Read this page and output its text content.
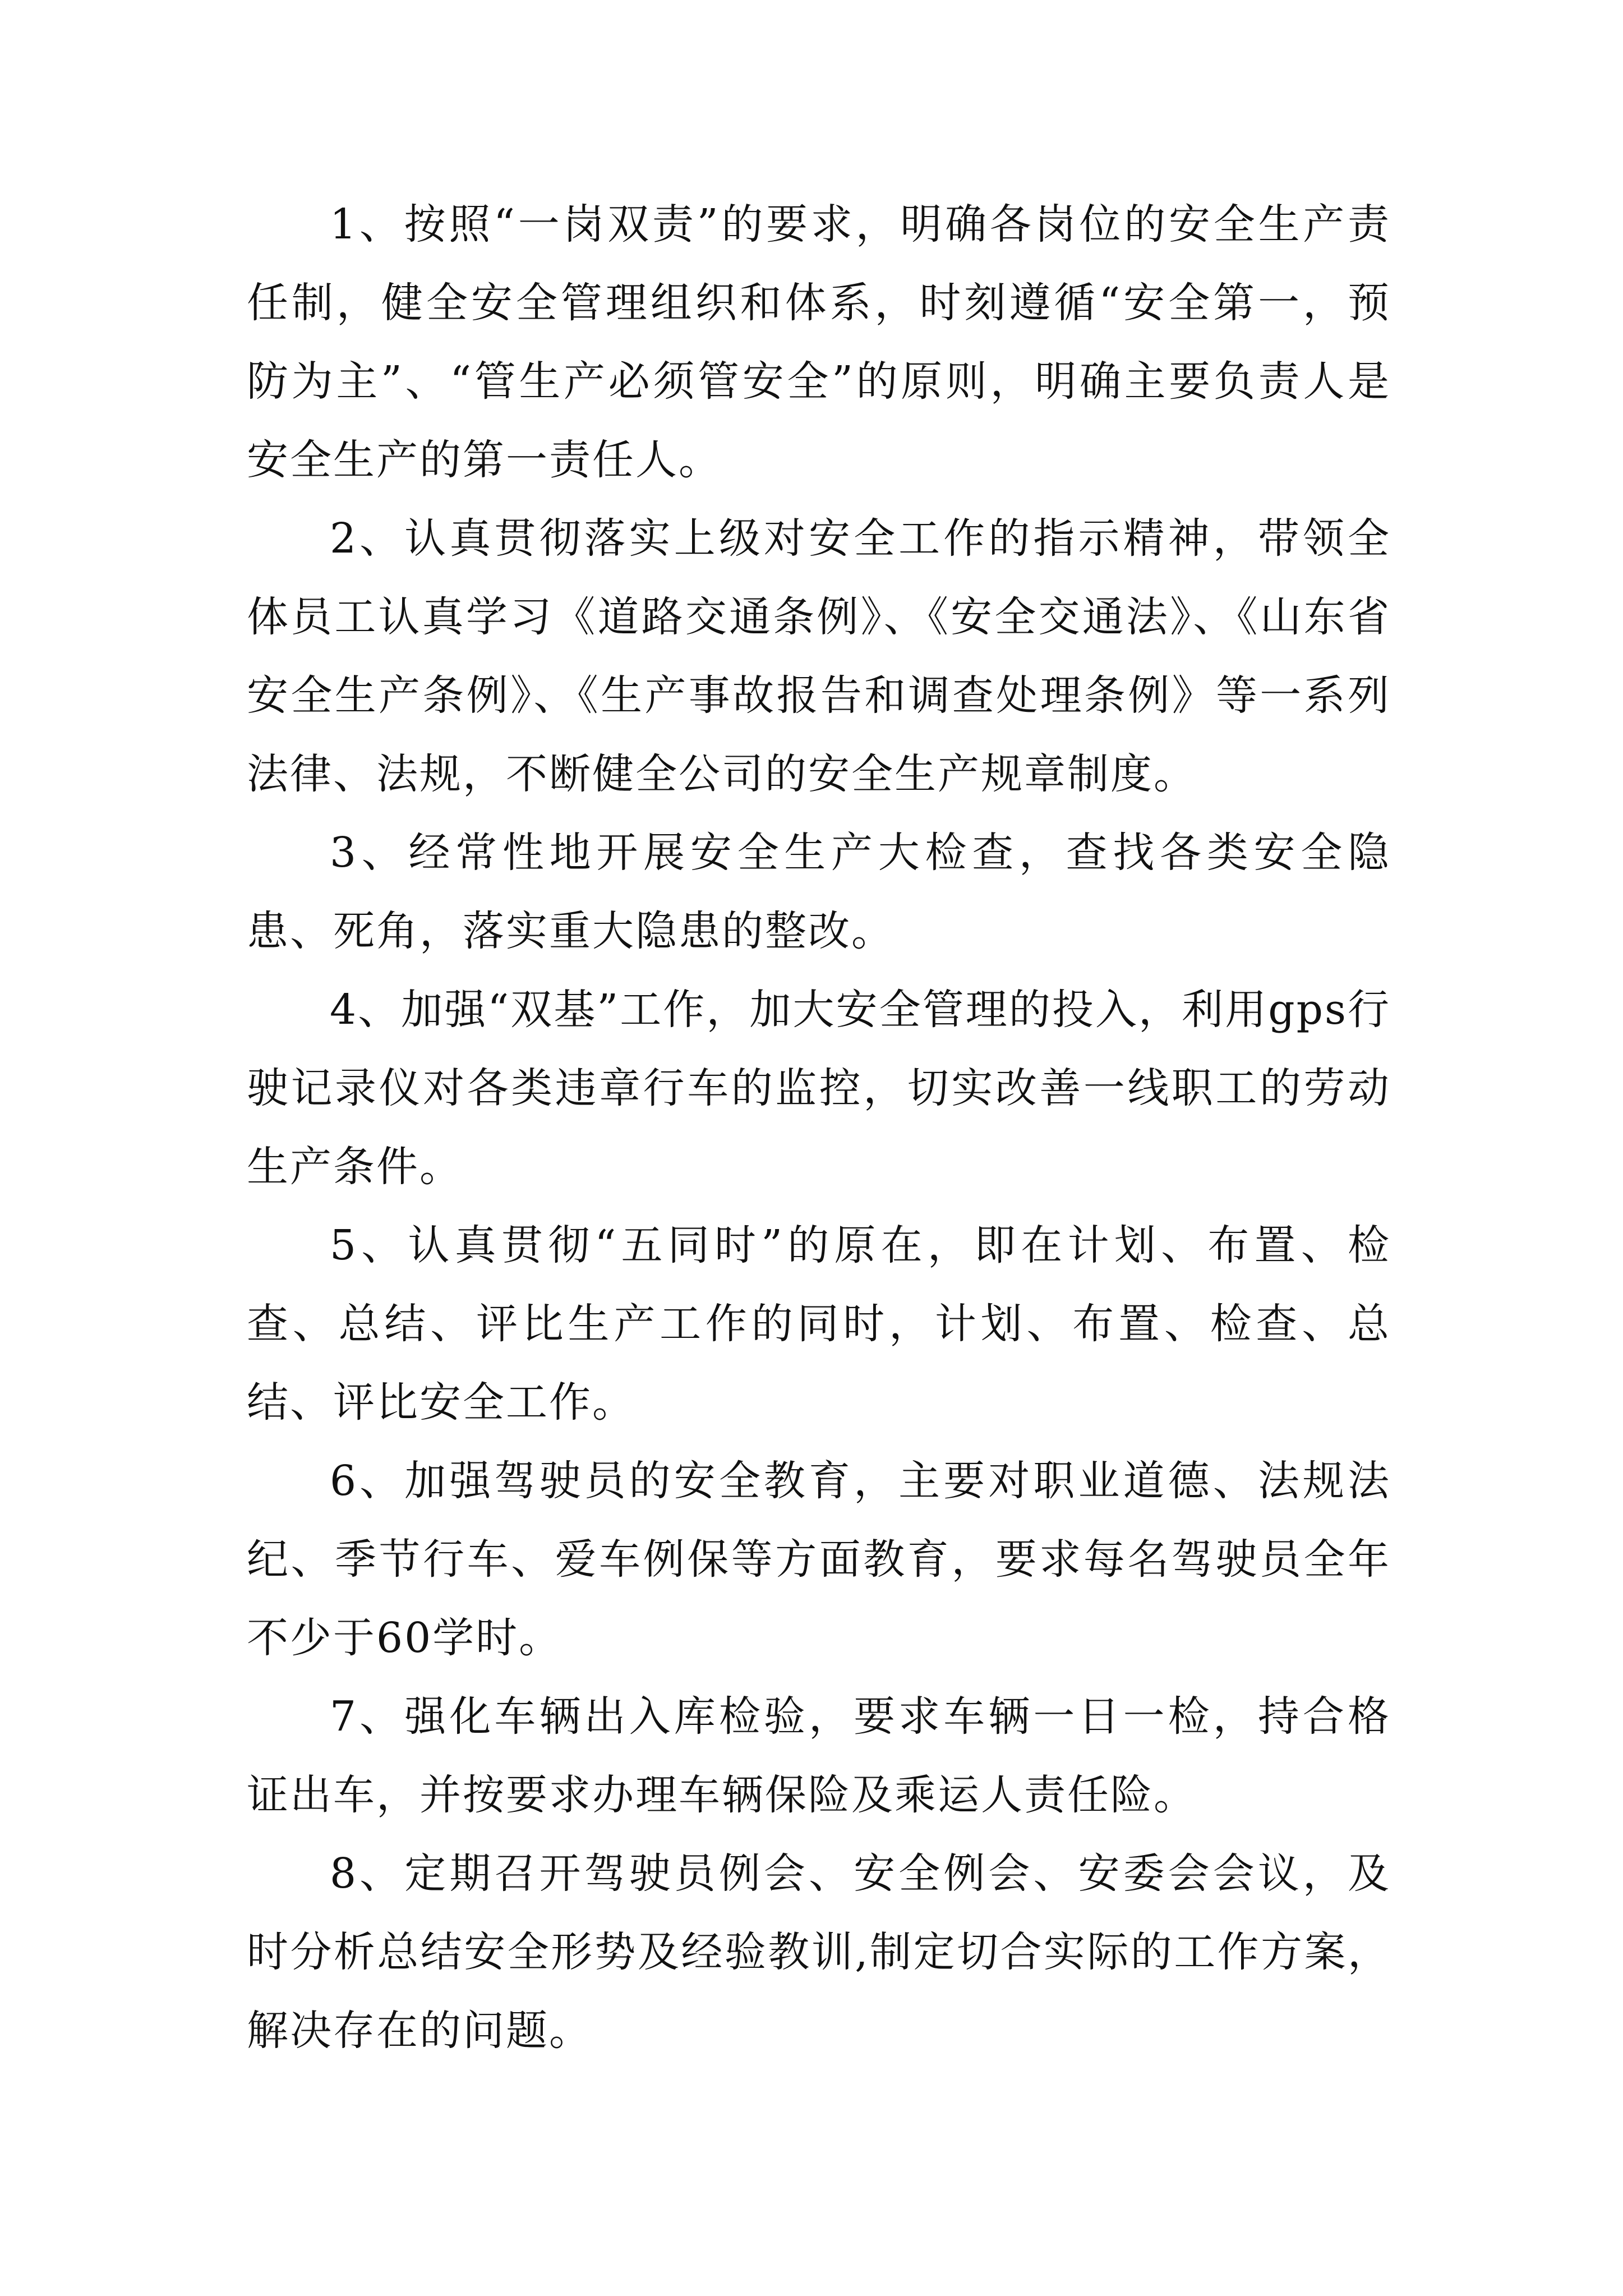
1、按照“一岗双责”的要求，明确各岗位的安全生产责任制，健全安全管理组织和体系，时刻遵循“安全第一，预防为主”、“管生产必须管安全”的原则，明确主要负责人是安全生产的第一责任人。

2、认真贯彻落实上级对安全工作的指示精神，带领全体员工认真学习《道路交通条例》、《安全交通法》、《山东省安全生产条例》、《生产事故报告和调查处理条例》等一系列法律、法规，不断健全公司的安全生产规章制度。

3、经常性地开展安全生产大检查，查找各类安全隐患、死角，落实重大隐患的整改。

4、加强“双基”工作，加大安全管理的投入，利用gps行驶记录仪对各类违章行车的监控，切实改善一线职工的劳动生产条件。

5、认真贯彻“五同时”的原在，即在计划、布置、检查、总结、评比生产工作的同时，计划、布置、检查、总结、评比安全工作。

6、加强驾驶员的安全教育，主要对职业道德、法规法纪、季节行车、爱车例保等方面教育，要求每名驾驶员全年不少于60学时。

7、强化车辆出入库检验，要求车辆一日一检，持合格证出车，并按要求办理车辆保险及乘运人责任险。

8、定期召开驾驶员例会、安全例会、安委会会议，及时分析总结安全形势及经验教训,制定切合实际的工作方案，解决存在的问题。
